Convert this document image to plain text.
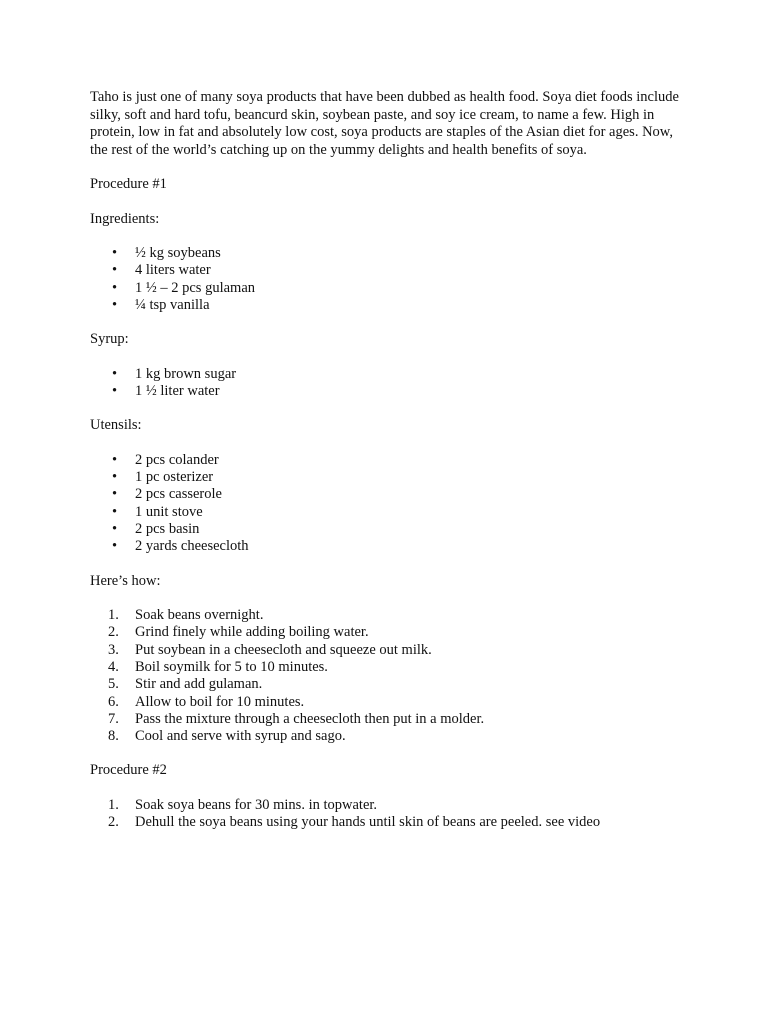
Taho is just one of many soya products that have been dubbed as health food. Soya diet foods include silky, soft and hard tofu, beancurd skin, soybean paste, and soy ice cream, to name a few. High in protein, low in fat and absolutely low cost, soya products are staples of the Asian diet for ages. Now, the rest of the world’s catching up on the yummy delights and health benefits of soya.

Procedure #1

Ingredients:

•	½ kg soybeans
•	4 liters water
•	1 ½ – 2 pcs gulaman
•	¼ tsp vanilla

Syrup:

•	1 kg brown sugar
•	1 ½ liter water

Utensils:

•	2 pcs colander
•	1 pc osterizer
•	2 pcs casserole
•	1 unit stove
•	2 pcs basin
•	2 yards cheesecloth

Here’s how:

1.	Soak beans overnight.
2.	Grind finely while adding boiling water.
3.	Put soybean in a cheesecloth and squeeze out milk.
4.	Boil soymilk for 5 to 10 minutes.
5.	Stir and add gulaman.
6.	Allow to boil for 10 minutes.
7.	Pass the mixture through a cheesecloth then put in a molder.
8.	Cool and serve with syrup and sago.

Procedure #2

1.	Soak soya beans for 30 mins. in topwater.
2.	Dehull the soya beans using your hands until skin of beans are peeled. see video
